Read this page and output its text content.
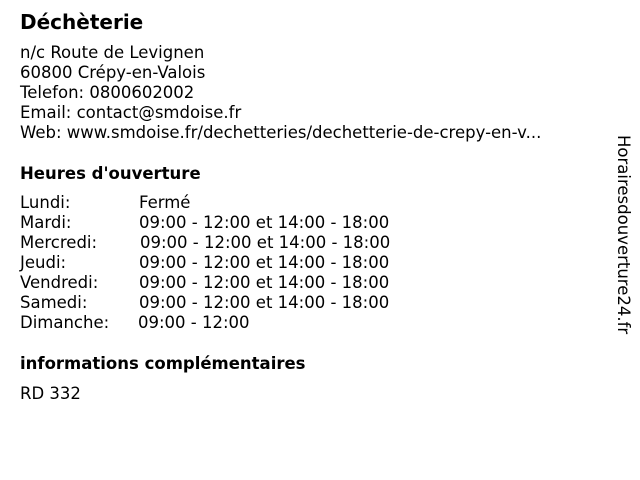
Déchèterie
n/c Route de Levignen
60800 Crépy-en-Valois
Telefon: 0800602002
Email: contact@smdoise.fr
Web: www.smdoise.fr/dechetteries/dechetterie-de-crepy-en-v...
Heures d'ouverture
Lundi:	Fermé
Mardi:	09:00 - 12:00 et 14:00 - 18:00
Mercredi:	09:00 - 12:00 et 14:00 - 18:00
Jeudi:	09:00 - 12:00 et 14:00 - 18:00
Vendredi: 09:00 - 12:00 et 14:00 - 18:00
Samedi:	09:00 - 12:00 et 14:00 - 18:00
Dimanche: 09:00 - 12:00
informations complémentaires
RD 332
Horairesdouverture24.fr
